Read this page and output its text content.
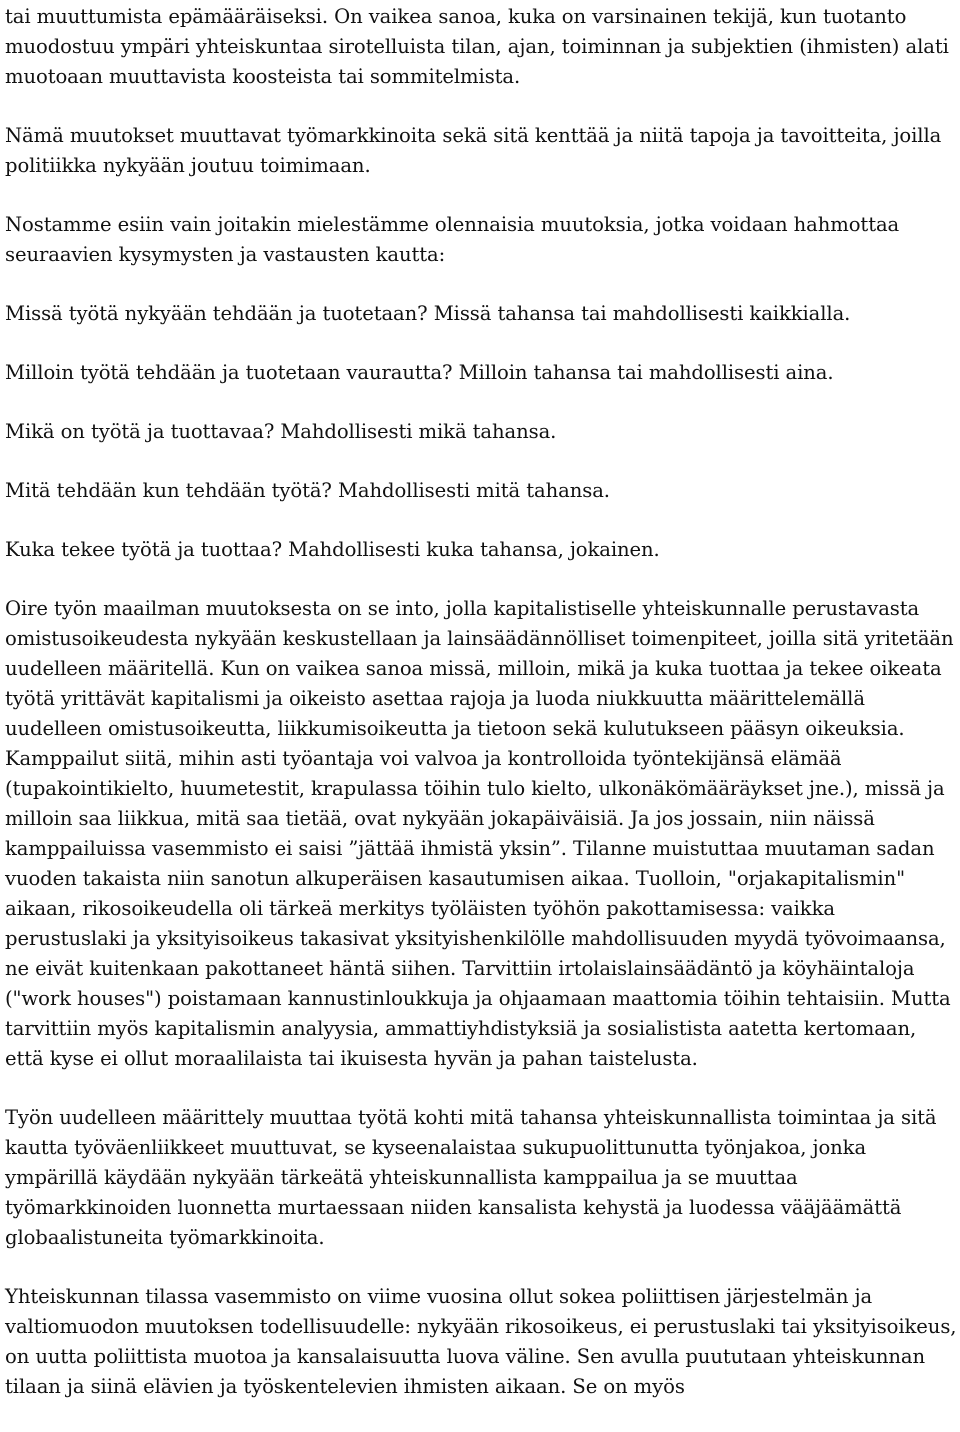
tai muuttumista epämääräiseksi. On vaikea sanoa, kuka on varsinainen tekijä, kun tuotanto muodostuu ympäri yhteiskuntaa sirotelluista tilan, ajan, toiminnan ja subjektien (ihmisten) alati muotoaan muuttavista koosteista tai sommitelmista.

Nämä muutokset muuttavat työmarkkinoita sekä sitä kenttää ja niitä tapoja ja tavoitteita, joilla politiikka nykyään joutuu toimimaan.

Nostamme esiin vain joitakin mielestämme olennaisia muutoksia, jotka voidaan hahmottaa seuraavien kysymysten ja vastausten kautta:

Missä työtä nykyään tehdään ja tuotetaan? Missä tahansa tai mahdollisesti kaikkialla.

Milloin työtä tehdään ja tuotetaan vaurautta? Milloin tahansa tai mahdollisesti aina.

Mikä on työtä ja tuottavaa? Mahdollisesti mikä tahansa.

Mitä tehdään kun tehdään työtä? Mahdollisesti mitä tahansa.

Kuka tekee työtä ja tuottaa? Mahdollisesti kuka tahansa, jokainen.

Oire työn maailman muutoksesta on se into, jolla kapitalistiselle yhteiskunnalle perustavasta omistusoikeudesta nykyään keskustellaan ja lainsäädännölliset toimenpiteet, joilla sitä yritetään uudelleen määritellä. Kun on vaikea sanoa missä, milloin, mikä ja kuka tuottaa ja tekee oikeata työtä yrittävät kapitalismi ja oikeisto asettaa rajoja ja luoda niukkuutta määrittelemällä uudelleen omistusoikeutta, liikkumisoikeutta ja tietoon sekä kulutukseen pääsyn oikeuksia. Kamppailut siitä, mihin asti työantaja voi valvoa ja kontrolloida työntekijänsä elämää (tupakointikielto, huumetestit, krapulassa töihin tulo kielto, ulkonäkömääräykset jne.), missä ja milloin saa liikkua, mitä saa tietää, ovat nykyään jokapäiväisiä. Ja jos jossain, niin näissä kamppailuissa vasemmisto ei saisi ”jättää ihmistä yksin”. Tilanne muistuttaa muutaman sadan vuoden takaista niin sanotun alkuperäisen kasautumisen aikaa. Tuolloin, "orjakapitalismin" aikaan, rikosoikeudella oli tärkeä merkitys työläisten työhön pakottamisessa: vaikka perustuslaki ja yksityisoikeus takasivat yksityishenkilölle mahdollisuuden myydä työvoimaansa, ne eivät kuitenkaan pakottaneet häntä siihen. Tarvittiin irtolaislainsäädäntö ja köyhäintaloja ("work houses") poistamaan kannustinloukkuja ja ohjaamaan maattomia töihin tehtaisiin. Mutta tarvittiin myös kapitalismin analyysia, ammattiyhdistyksiä ja sosialistista aatetta kertomaan, että kyse ei ollut moraalilaista tai ikuisesta hyvän ja pahan taistelusta.

Työn uudelleen määrittely muuttaa työtä kohti mitä tahansa yhteiskunnallista toimintaa ja sitä kautta työväenliikkeet muuttuvat, se kyseenalaistaa sukupuolittunutta työnjakoa, jonka ympärillä käydään nykyään tärkeätä yhteiskunnallista kamppailua ja se muuttaa työmarkkinoiden luonnetta murtaessaan niiden kansalista kehystä ja luodessa vääjäämättä globaalistuneita työmarkkinoita.

Yhteiskunnan tilassa vasemmisto on viime vuosina ollut sokea poliittisen järjestelmän ja valtiomuodon muutoksen todellisuudelle: nykyään rikosoikeus, ei perustuslaki tai yksityisoikeus, on uutta poliittista muotoa ja kansalaisuutta luova väline. Sen avulla puututaan yhteiskunnan tilaan ja siinä elävien ja työskentelevien ihmisten aikaan. Se on myös
